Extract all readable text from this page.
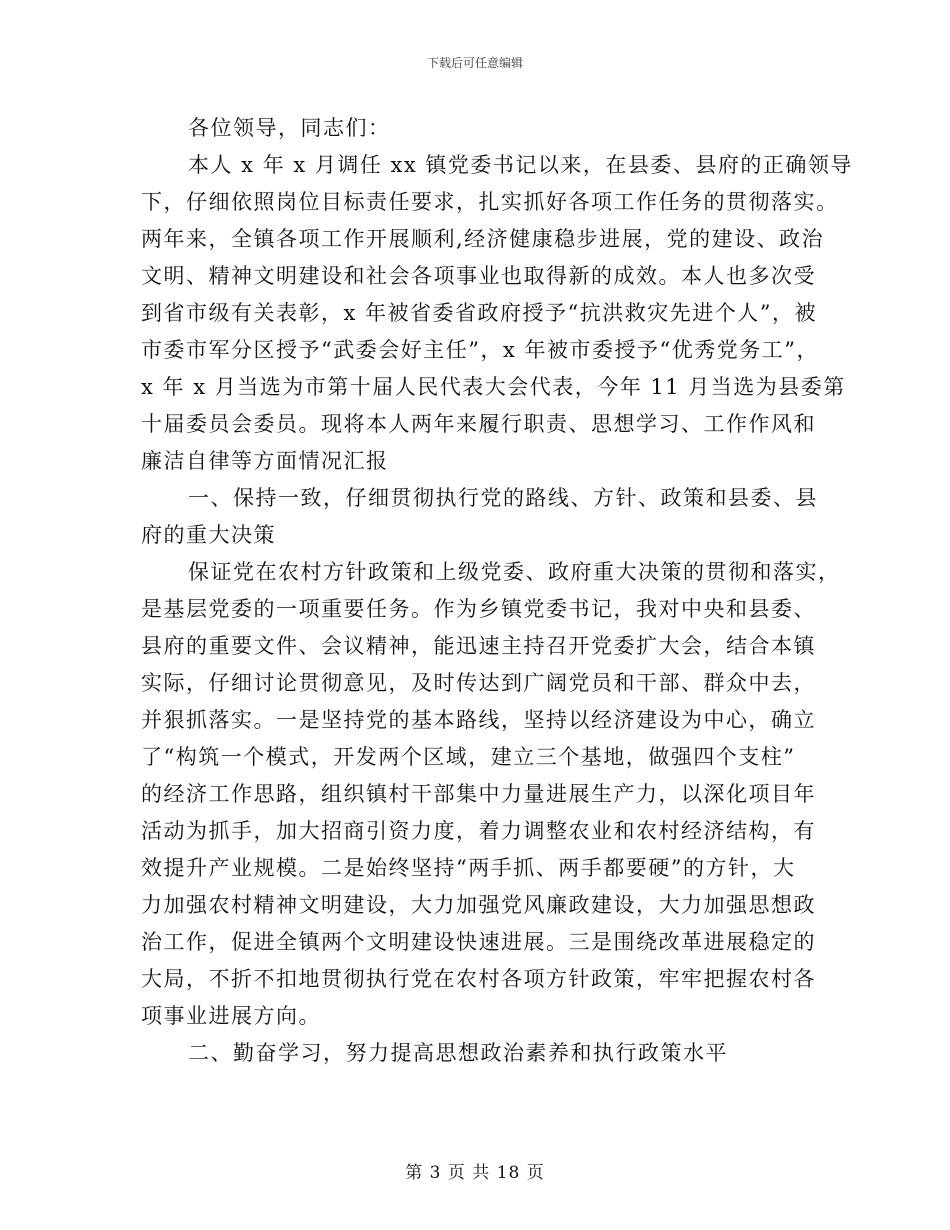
下载后可任意编辑
各位领导，同志们：
本人 x 年 x 月调任 xx 镇党委书记以来，在县委、县府的正确领导
下，仔细依照岗位目标责任要求，扎实抓好各项工作任务的贯彻落实。
两年来，全镇各项工作开展顺利,经济健康稳步进展，党的建设、政治
文明、精神文明建设和社会各项事业也取得新的成效。本人也多次受
到省市级有关表彰，x 年被省委省政府授予“抗洪救灾先进个人”，被
市委市军分区授予“武委会好主任”，x 年被市委授予“优秀党务工”，
x 年 x 月当选为市第十届人民代表大会代表，今年 11 月当选为县委第
十届委员会委员。现将本人两年来履行职责、思想学习、工作作风和
廉洁自律等方面情况汇报
一、保持一致，仔细贯彻执行党的路线、方针、政策和县委、县
府的重大决策
保证党在农村方针政策和上级党委、政府重大决策的贯彻和落实，
是基层党委的一项重要任务。作为乡镇党委书记，我对中央和县委、
县府的重要文件、会议精神，能迅速主持召开党委扩大会，结合本镇
实际，仔细讨论贯彻意见，及时传达到广阔党员和干部、群众中去，
并狠抓落实。一是坚持党的基本路线，坚持以经济建设为中心，确立
了“构筑一个模式，开发两个区域，建立三个基地，做强四个支柱”
的经济工作思路，组织镇村干部集中力量进展生产力，以深化项目年
活动为抓手，加大招商引资力度，着力调整农业和农村经济结构，有
效提升产业规模。二是始终坚持“两手抓、两手都要硬”的方针，大
力加强农村精神文明建设，大力加强党风廉政建设，大力加强思想政
治工作，促进全镇两个文明建设快速进展。三是围绕改革进展稳定的
大局，不折不扣地贯彻执行党在农村各项方针政策，牢牢把握农村各
项事业进展方向。
二、勤奋学习，努力提高思想政治素养和执行政策水平
第 3 页 共 18 页
